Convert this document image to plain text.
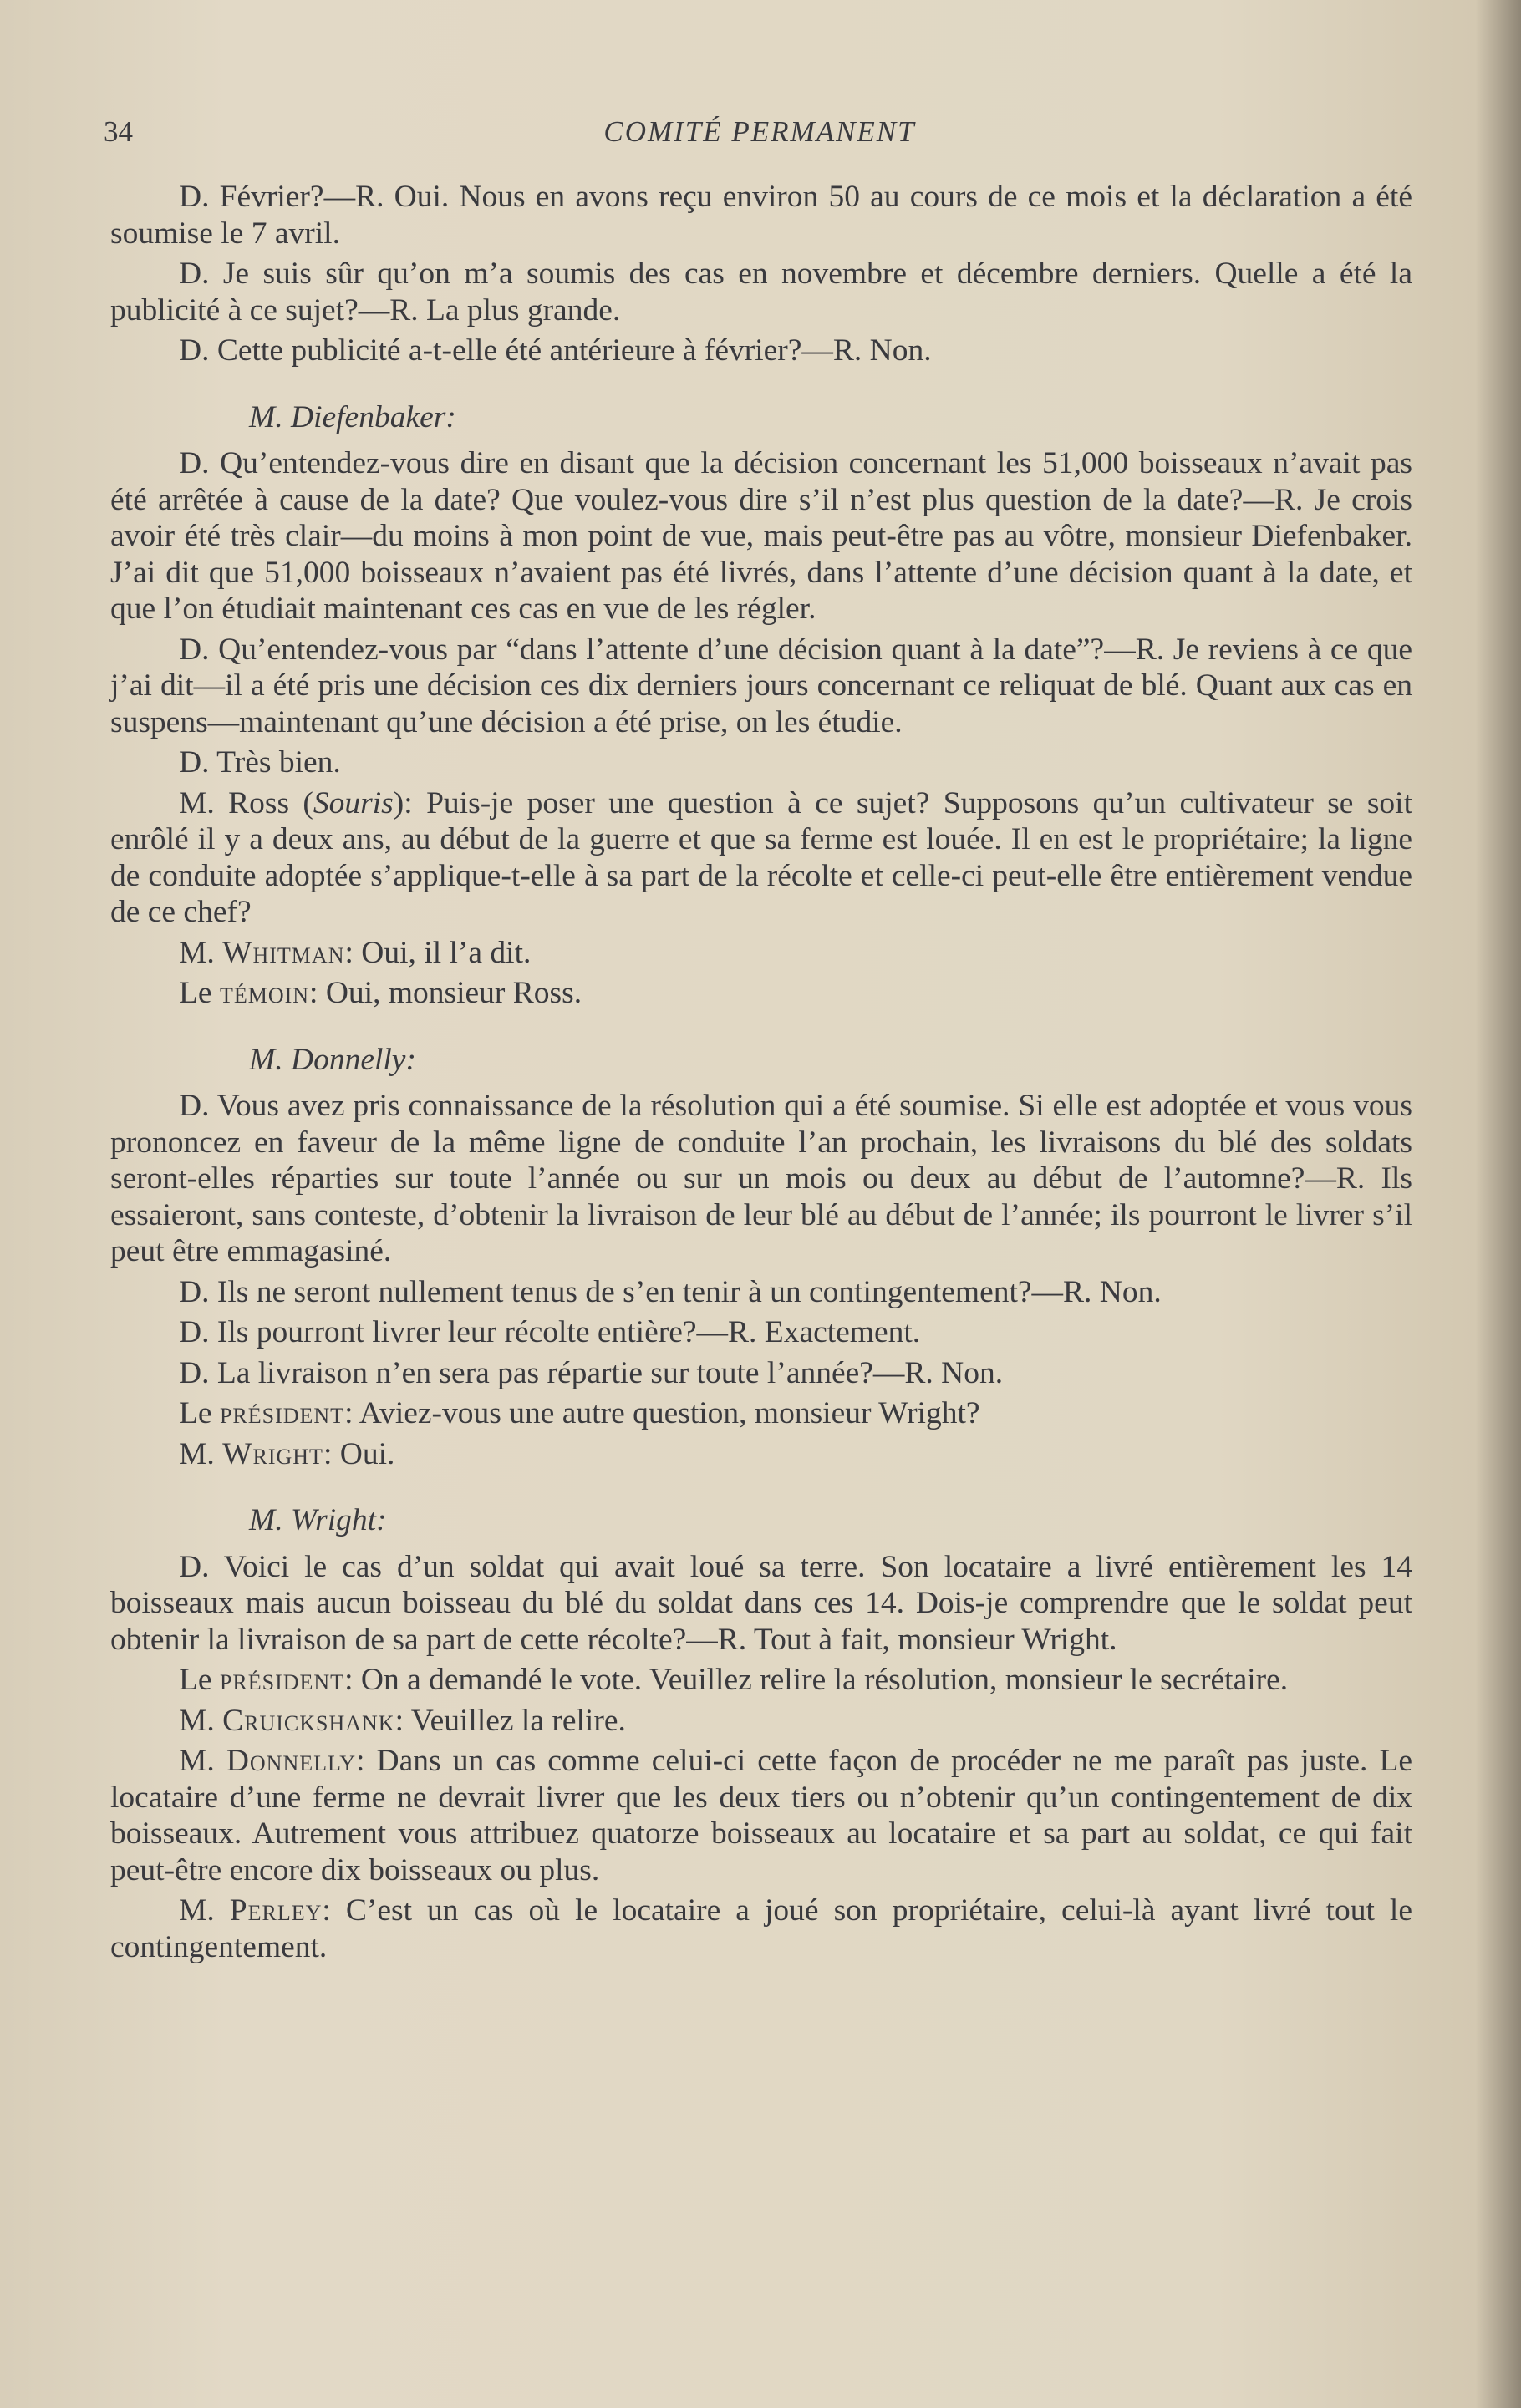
34	COMITÉ PERMANENT

D. Février?—R. Oui. Nous en avons reçu environ 50 au cours de ce mois et la déclaration a été soumise le 7 avril.

D. Je suis sûr qu’on m’a soumis des cas en novembre et décembre derniers. Quelle a été la publicité à ce sujet?—R. La plus grande.

D. Cette publicité a-t-elle été antérieure à février?—R. Non.

M. Diefenbaker:

D. Qu’entendez-vous dire en disant que la décision concernant les 51,000 boisseaux n’avait pas été arrêtée à cause de la date? Que voulez-vous dire s’il n’est plus question de la date?—R. Je crois avoir été très clair—du moins à mon point de vue, mais peut-être pas au vôtre, monsieur Diefenbaker. J’ai dit que 51,000 boisseaux n’avaient pas été livrés, dans l’attente d’une décision quant à la date, et que l’on étudiait maintenant ces cas en vue de les régler.

D. Qu’entendez-vous par “dans l’attente d’une décision quant à la date”?—R. Je reviens à ce que j’ai dit—il a été pris une décision ces dix derniers jours concernant ce reliquat de blé. Quant aux cas en suspens—maintenant qu’une décision a été prise, on les étudie.

D. Très bien.

M. Ross (Souris): Puis-je poser une question à ce sujet? Supposons qu’un cultivateur se soit enrôlé il y a deux ans, au début de la guerre et que sa ferme est louée. Il en est le propriétaire; la ligne de conduite adoptée s’applique-t-elle à sa part de la récolte et celle-ci peut-elle être entièrement vendue de ce chef?

M. Whitman: Oui, il l’a dit.

Le témoin: Oui, monsieur Ross.

M. Donnelly:

D. Vous avez pris connaissance de la résolution qui a été soumise. Si elle est adoptée et vous vous prononcez en faveur de la même ligne de conduite l’an prochain, les livraisons du blé des soldats seront-elles réparties sur toute l’année ou sur un mois ou deux au début de l’automne?—R. Ils essaieront, sans conteste, d’obtenir la livraison de leur blé au début de l’année; ils pourront le livrer s’il peut être emmagasiné.

D. Ils ne seront nullement tenus de s’en tenir à un contingentement?—R. Non.

D. Ils pourront livrer leur récolte entière?—R. Exactement.

D. La livraison n’en sera pas répartie sur toute l’année?—R. Non.

Le président: Aviez-vous une autre question, monsieur Wright?

M. Wright: Oui.

M. Wright:

D. Voici le cas d’un soldat qui avait loué sa terre. Son locataire a livré entièrement les 14 boisseaux mais aucun boisseau du blé du soldat dans ces 14. Dois-je comprendre que le soldat peut obtenir la livraison de sa part de cette récolte?—R. Tout à fait, monsieur Wright.

Le président: On a demandé le vote. Veuillez relire la résolution, monsieur le secrétaire.

M. Cruickshank: Veuillez la relire.

M. Donnelly: Dans un cas comme celui-ci cette façon de procéder ne me paraît pas juste. Le locataire d’une ferme ne devrait livrer que les deux tiers ou n’obtenir qu’un contingentement de dix boisseaux. Autrement vous attribuez quatorze boisseaux au locataire et sa part au soldat, ce qui fait peut-être encore dix boisseaux ou plus.

M. Perley: C’est un cas où le locataire a joué son propriétaire, celui-là ayant livré tout le contingentement.
